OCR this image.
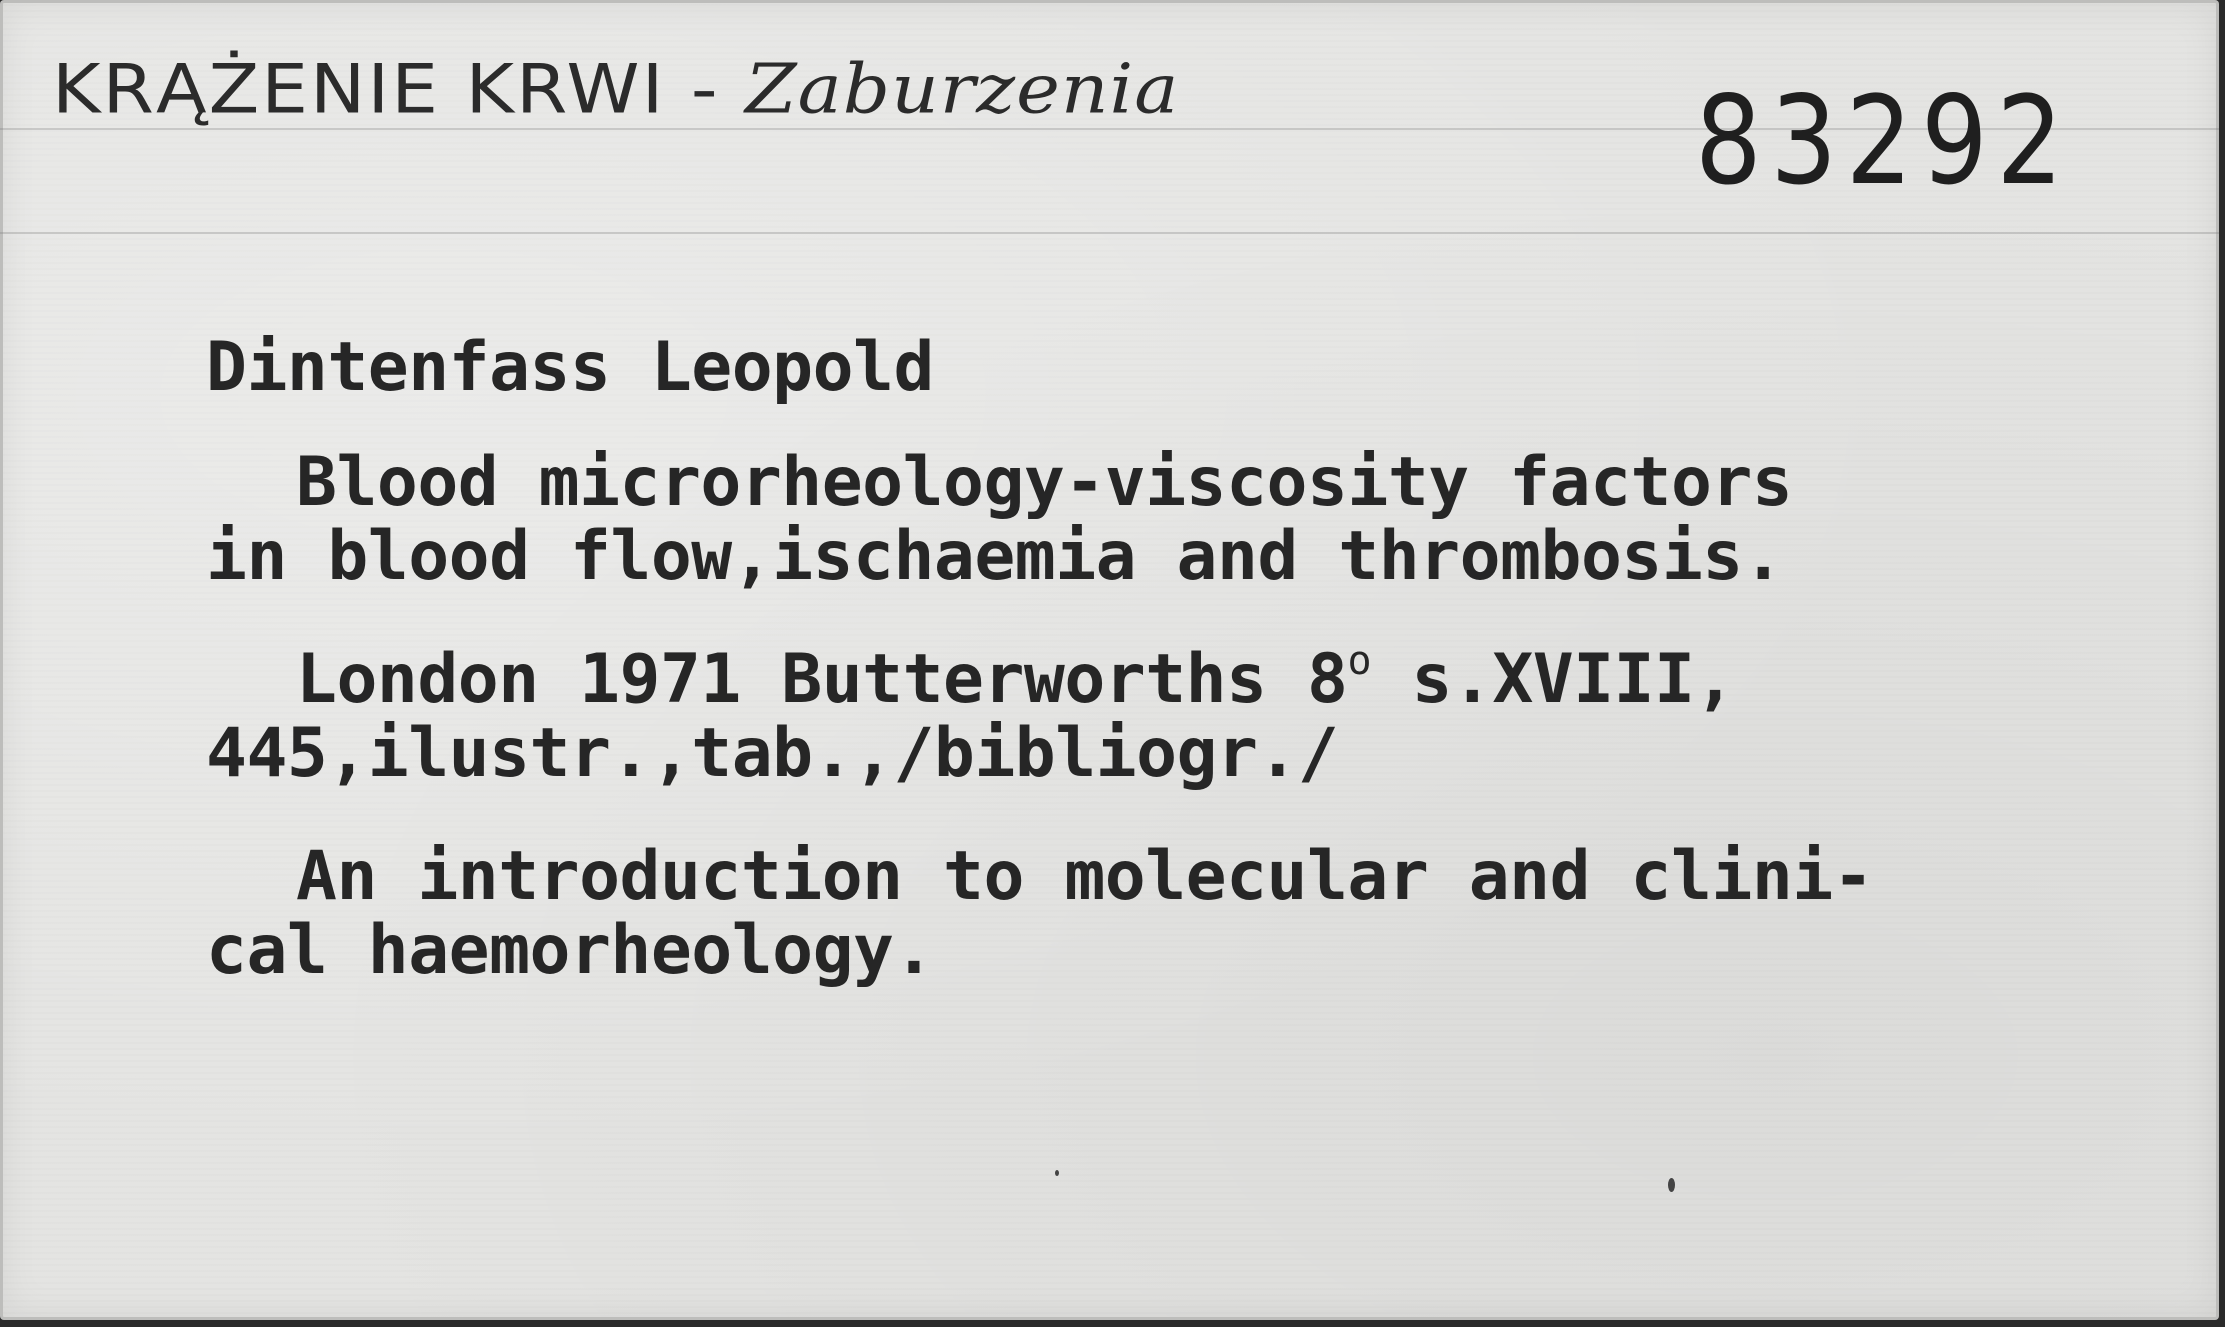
KRĄŻENIE KRWI - Zaburzenia	83292
Dintenfass Leopold
Blood microrheology-viscosity factors
in blood flow,ischaemia and thrombosis.
London 1971 Butterworths 8$^o$ s.XVIII,
445,ilustr.,tab.,/bibliogr./
An introduction to molecular and clini-
cal haemorheology.
